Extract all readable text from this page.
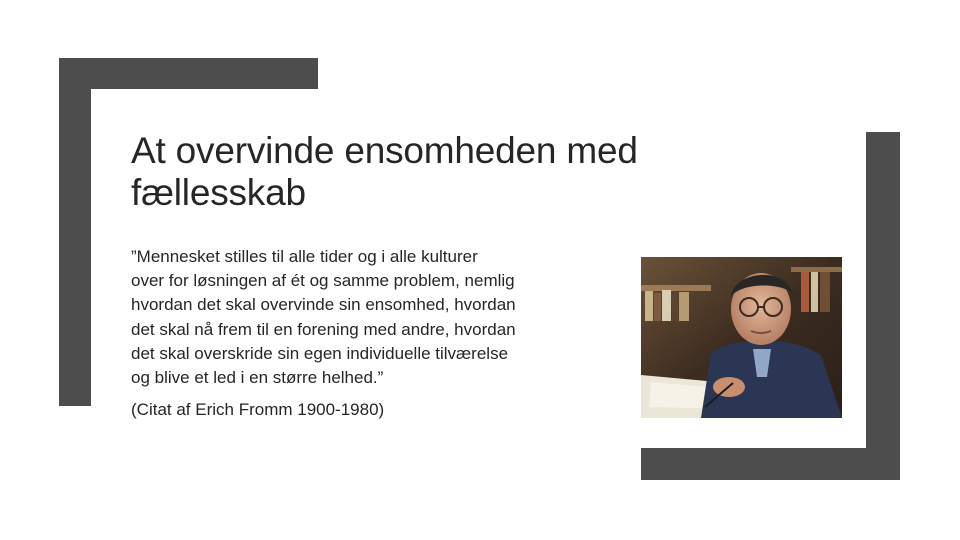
At overvinde ensomheden med fællesskab

”Mennesket stilles til alle tider og i alle kulturer
over for løsningen af ét og samme problem, nemlig
hvordan det skal overvinde sin ensomhed, hvordan
det skal nå frem til en forening med andre, hvordan
det skal overskride sin egen individuelle tilværelse
og blive et led i en større helhed.”

(Citat af Erich Fromm 1900-1980)
